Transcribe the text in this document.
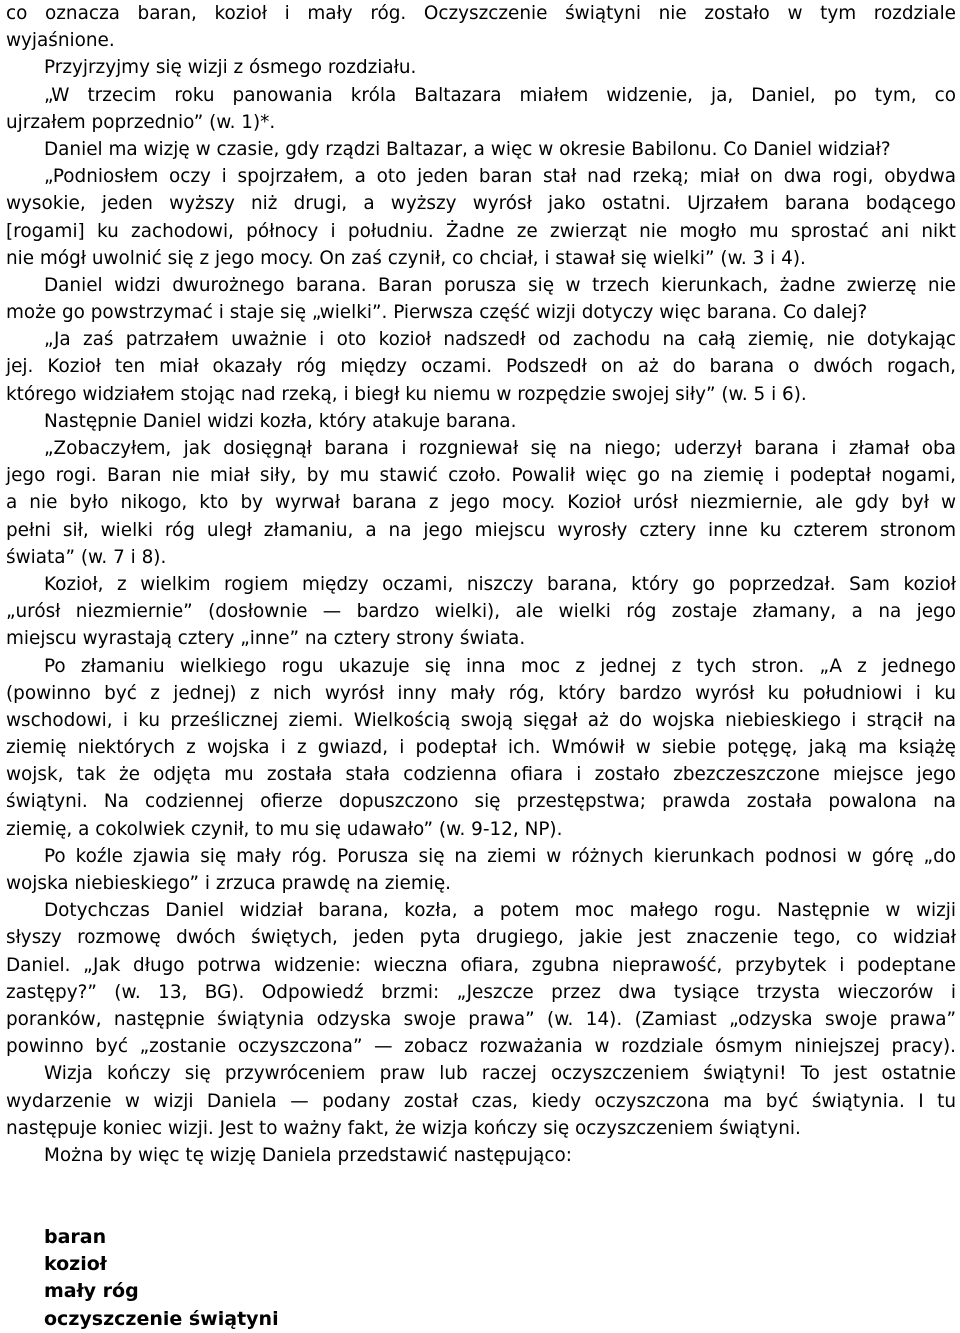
co oznacza baran, kozioł i mały róg. Oczyszczenie świątyni nie zostało w tym rozdziale
wyjaśnione.
Przyjrzyjmy się wizji z ósmego rozdziału.
„W trzecim roku panowania króla Baltazara miałem widzenie, ja, Daniel, po tym, co
ujrzałem poprzednio” (w. 1)*.
Daniel ma wizję w czasie, gdy rządzi Baltazar, a więc w okresie Babilonu. Co Daniel widział?
„Podniosłem oczy i spojrzałem, a oto jeden baran stał nad rzeką; miał on dwa rogi, obydwa
wysokie, jeden wyższy niż drugi, a wyższy wyrósł jako ostatni. Ujrzałem barana bodącego
[rogami] ku zachodowi, północy i południu. Żadne ze zwierząt nie mogło mu sprostać ani nikt
nie mógł uwolnić się z jego mocy. On zaś czynił, co chciał, i stawał się wielki” (w. 3 i 4).
Daniel widzi dwurożnego barana. Baran porusza się w trzech kierunkach, żadne zwierzę nie
może go powstrzymać i staje się „wielki”. Pierwsza część wizji dotyczy więc barana. Co dalej?
„Ja zaś patrzałem uważnie i oto kozioł nadszedł od zachodu na całą ziemię, nie dotykając
jej. Kozioł ten miał okazały róg między oczami. Podszedł on aż do barana o dwóch rogach,
którego widziałem stojąc nad rzeką, i biegł ku niemu w rozpędzie swojej siły” (w. 5 i 6).
Następnie Daniel widzi kozła, który atakuje barana.
„Zobaczyłem, jak dosięgnął barana i rozgniewał się na niego; uderzył barana i złamał oba
jego rogi. Baran nie miał siły, by mu stawić czoło. Powalił więc go na ziemię i podeptał nogami,
a nie było nikogo, kto by wyrwał barana z jego mocy. Kozioł urósł niezmiernie, ale gdy był w
pełni sił, wielki róg uległ złamaniu, a na jego miejscu wyrosły cztery inne ku czterem stronom
świata” (w. 7 i 8).
Kozioł, z wielkim rogiem między oczami, niszczy barana, który go poprzedzał. Sam kozioł
„urósł niezmiernie” (dosłownie — bardzo wielki), ale wielki róg zostaje złamany, a na jego
miejscu wyrastają cztery „inne” na cztery strony świata.
Po złamaniu wielkiego rogu ukazuje się inna moc z jednej z tych stron. „A z jednego
(powinno być z jednej) z nich wyrósł inny mały róg, który bardzo wyrósł ku południowi i ku
wschodowi, i ku prześlicznej ziemi. Wielkością swoją sięgał aż do wojska niebieskiego i strącił na
ziemię niektórych z wojska i z gwiazd, i podeptał ich. Wmówił w siebie potęgę, jaką ma książę
wojsk, tak że odjęta mu została stała codzienna ofiara i zostało zbezczeszczone miejsce jego
świątyni. Na codziennej ofierze dopuszczono się przestępstwa; prawda została powalona na
ziemię, a cokolwiek czynił, to mu się udawało” (w. 9-12, NP).
Po koźle zjawia się mały róg. Porusza się na ziemi w różnych kierunkach podnosi w górę „do
wojska niebieskiego” i zrzuca prawdę na ziemię.
Dotychczas Daniel widział barana, kozła, a potem moc małego rogu. Następnie w wizji
słyszy rozmowę dwóch świętych, jeden pyta drugiego, jakie jest znaczenie tego, co widział
Daniel. „Jak długo potrwa widzenie: wieczna ofiara, zgubna nieprawość, przybytek i podeptane
zastępy?” (w. 13, BG). Odpowiedź brzmi: „Jeszcze przez dwa tysiące trzysta wieczorów i
poranków, następnie świątynia odzyska swoje prawa” (w. 14). (Zamiast „odzyska swoje prawa”
powinno być „zostanie oczyszczona” — zobacz rozważania w rozdziale ósmym niniejszej pracy).
Wizja kończy się przywróceniem praw lub raczej oczyszczeniem świątyni! To jest ostatnie
wydarzenie w wizji Daniela — podany został czas, kiedy oczyszczona ma być świątynia. I tu
następuje koniec wizji. Jest to ważny fakt, że wizja kończy się oczyszczeniem świątyni.
Można by więc tę wizję Daniela przedstawić następująco:
baran
kozioł
mały róg
oczyszczenie świątyni
